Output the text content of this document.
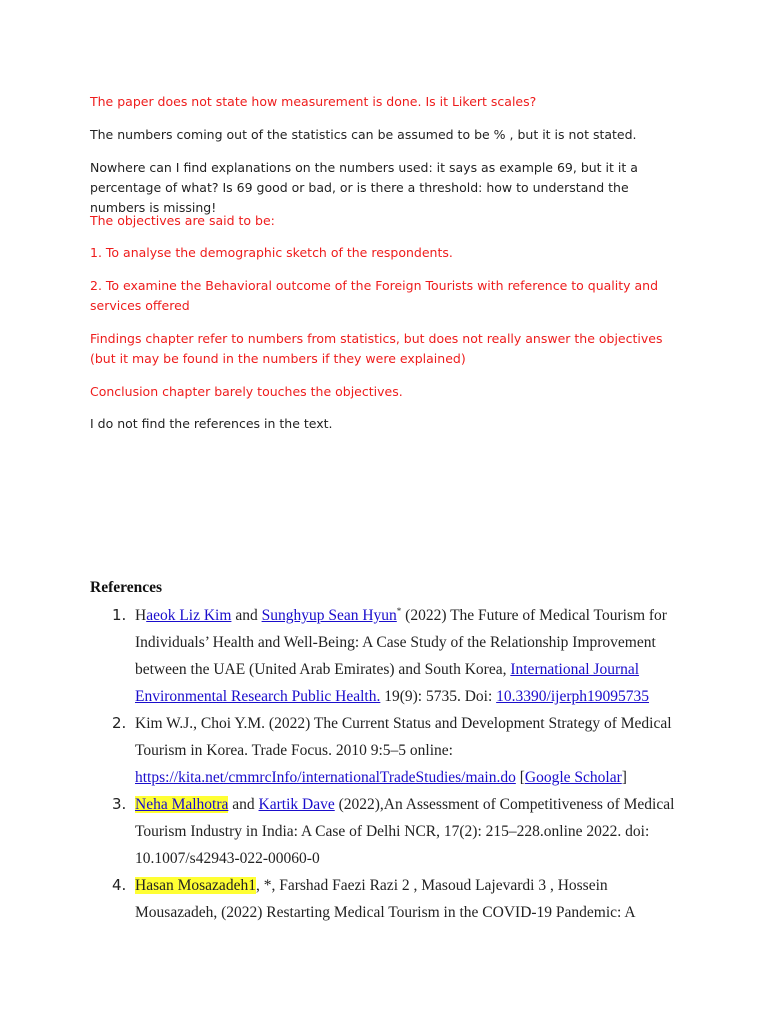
The paper does not state how measurement is done. Is it Likert scales?

The numbers coming out of the statistics can be assumed to be % , but it is not stated.

Nowhere can I find explanations on the numbers used: it says as example 69, but it it a percentage of what? Is 69 good or bad, or is there a threshold: how to understand the numbers is missing!

The objectives are said to be:

1. To analyse the demographic sketch of the respondents.

2. To examine the Behavioral outcome of the Foreign Tourists with reference to quality and services offered

Findings chapter refer to numbers from statistics, but does not really answer the objectives (but it may be found in the numbers if they were explained)

Conclusion chapter barely touches the objectives.

I do not find the references in the text.

References

1. Haeok Liz Kim and Sunghyup Sean Hyun* (2022) The Future of Medical Tourism for Individuals’ Health and Well-Being: A Case Study of the Relationship Improvement between the UAE (United Arab Emirates) and South Korea, International Journal Environmental Research Public Health. 19(9): 5735. Doi: 10.3390/ijerph19095735
2. Kim W.J., Choi Y.M. (2022) The Current Status and Development Strategy of Medical Tourism in Korea. Trade Focus. 2010 9:5–5 online: https://kita.net/cmmrcInfo/internationalTradeStudies/main.do [Google Scholar]
3. Neha Malhotra and Kartik Dave (2022),An Assessment of Competitiveness of Medical Tourism Industry in India: A Case of Delhi NCR, 17(2): 215–228.online 2022. doi: 10.1007/s42943-022-00060-0
4. Hasan Mosazadeh1, *, Farshad Faezi Razi 2 , Masoud Lajevardi 3 , Hossein Mousazadeh, (2022) Restarting Medical Tourism in the COVID-19 Pandemic: A
